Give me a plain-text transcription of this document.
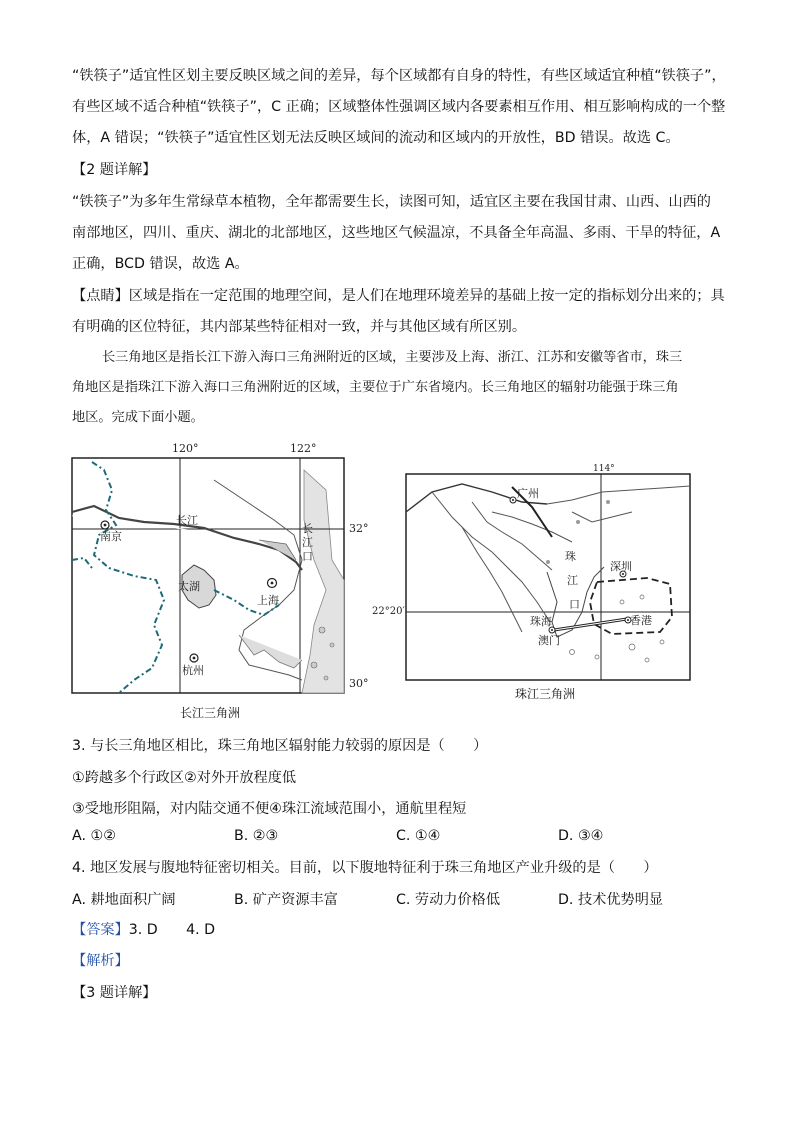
“铁筷子”适宜性区划主要反映区域之间的差异，每个区域都有自身的特性，有些区域适宜种植“铁筷子”，
有些区域不适合种植“铁筷子”，C 正确；区域整体性强调区域内各要素相互作用、相互影响构成的一个整
体，A 错误；“铁筷子”适宜性区划无法反映区域间的流动和区域内的开放性，BD 错误。故选 C。
【2 题详解】
“铁筷子”为多年生常绿草本植物，全年都需要生长，读图可知，适宜区主要在我国甘肃、山西、山西的
南部地区，四川、重庆、湖北的北部地区，这些地区气候温凉，不具备全年高温、多雨、干旱的特征，A
正确，BCD 错误，故选 A。
【点睛】区域是指在一定范围的地理空间，是人们在地理环境差异的基础上按一定的指标划分出来的；具
有明确的区位特征，其内部某些特征相对一致，并与其他区域有所区别。
长三角地区是指长江下游入海口三角洲附近的区域，主要涉及上海、浙江、江苏和安徽等省市，珠三
角地区是指珠江下游入海口三角洲附近的区域，主要位于广东省境内。长三角地区的辐射功能强于珠三角
地区。完成下面小题。
120°	122°
32°
30°
长江
南京
长
江
口
太湖
上海
杭州
长江三角洲
114°
22°20′
广州
珠
江
口
深圳
珠海
澳门
香港
珠江三角洲
3. 与长三角地区相比，珠三角地区辐射能力较弱的原因是（　　）
①跨越多个行政区②对外开放程度低
③受地形阻隔，对内陆交通不便④珠江流域范围小，通航里程短
A. ①②	B. ②③	C. ①④	D. ③④
4. 地区发展与腹地特征密切相关。目前，以下腹地特征利于珠三角地区产业升级的是（　　）
A. 耕地面积广阔	B. 矿产资源丰富	C. 劳动力价格低	D. 技术优势明显
【答案】3. D　　4. D
【解析】
【3 题详解】
